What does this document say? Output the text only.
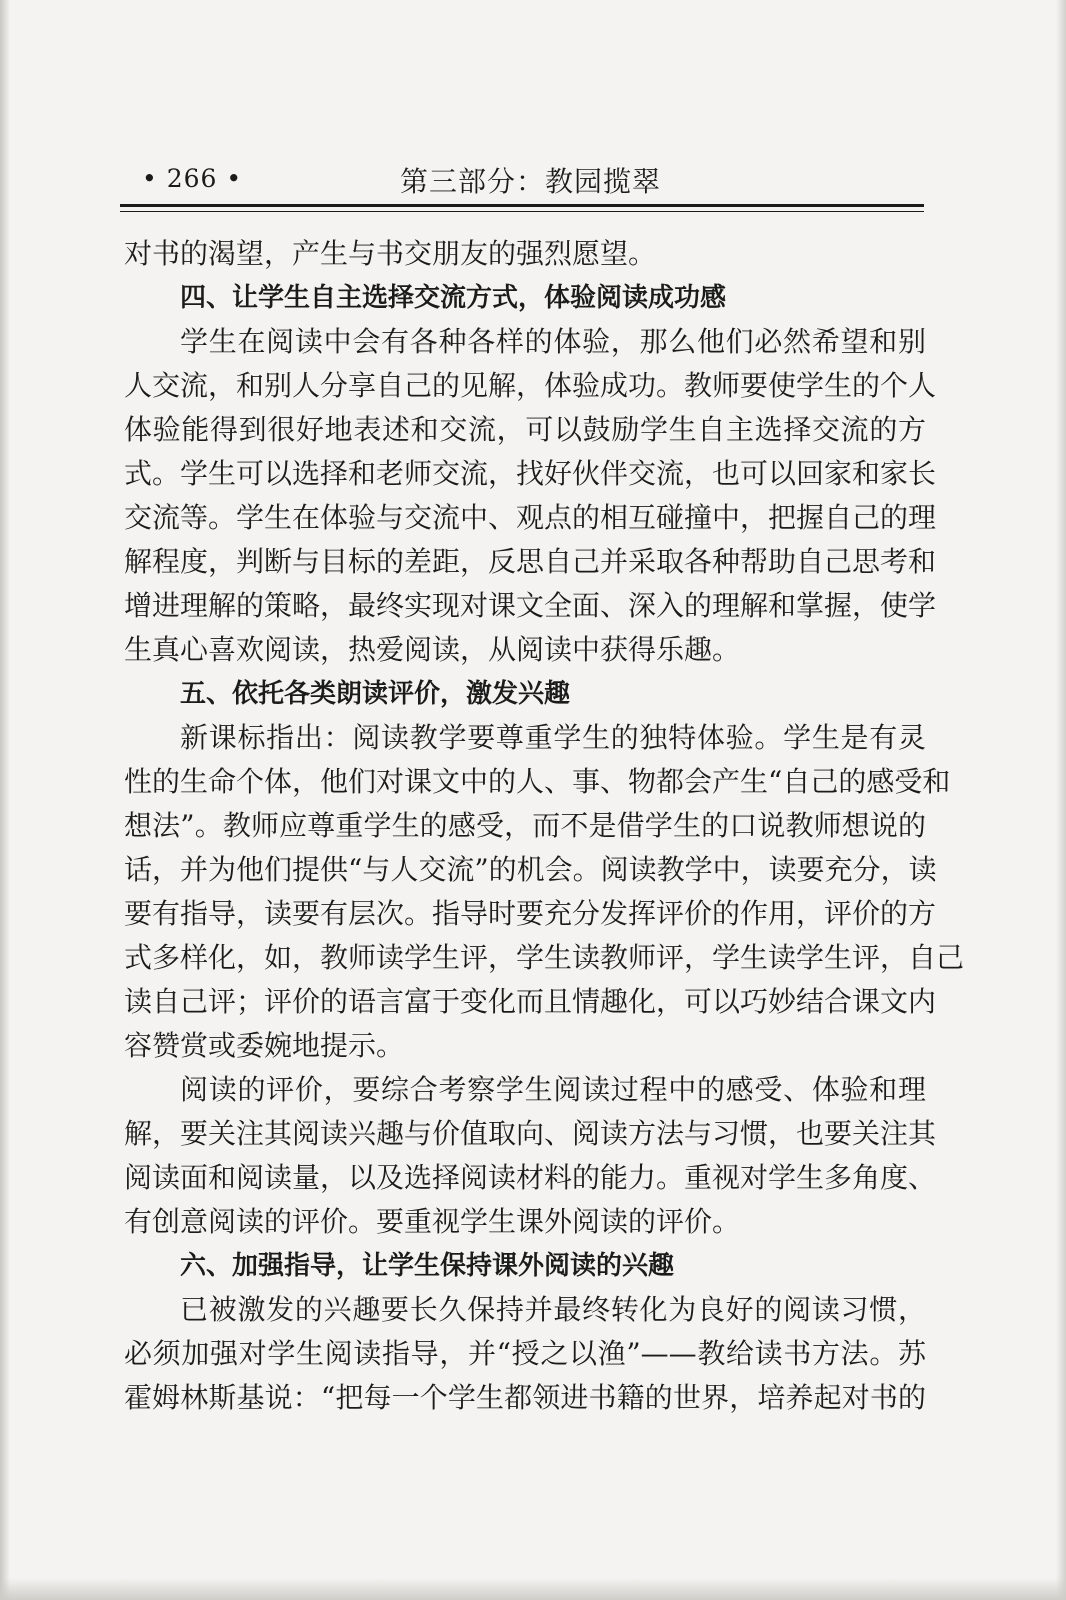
• 266 •	第三部分：教园揽翠
对书的渴望，产生与书交朋友的强烈愿望。
四、让学生自主选择交流方式，体验阅读成功感
学生在阅读中会有各种各样的体验，那么他们必然希望和别
人交流，和别人分享自己的见解，体验成功。教师要使学生的个人
体验能得到很好地表述和交流，可以鼓励学生自主选择交流的方
式。学生可以选择和老师交流，找好伙伴交流，也可以回家和家长
交流等。学生在体验与交流中、观点的相互碰撞中，把握自己的理
解程度，判断与目标的差距，反思自己并采取各种帮助自己思考和
增进理解的策略，最终实现对课文全面、深入的理解和掌握，使学
生真心喜欢阅读，热爱阅读，从阅读中获得乐趣。
五、依托各类朗读评价，激发兴趣
新课标指出：阅读教学要尊重学生的独特体验。学生是有灵
性的生命个体，他们对课文中的人、事、物都会产生“自己的感受和
想法”。教师应尊重学生的感受，而不是借学生的口说教师想说的
话，并为他们提供“与人交流”的机会。阅读教学中，读要充分，读
要有指导，读要有层次。指导时要充分发挥评价的作用，评价的方
式多样化，如，教师读学生评，学生读教师评，学生读学生评，自己
读自己评；评价的语言富于变化而且情趣化，可以巧妙结合课文内
容赞赏或委婉地提示。
阅读的评价，要综合考察学生阅读过程中的感受、体验和理
解，要关注其阅读兴趣与价值取向、阅读方法与习惯，也要关注其
阅读面和阅读量，以及选择阅读材料的能力。重视对学生多角度、
有创意阅读的评价。要重视学生课外阅读的评价。
六、加强指导，让学生保持课外阅读的兴趣
已被激发的兴趣要长久保持并最终转化为良好的阅读习惯，
必须加强对学生阅读指导，并“授之以渔”——教给读书方法。苏
霍姆林斯基说：“把每一个学生都领进书籍的世界，培养起对书的
